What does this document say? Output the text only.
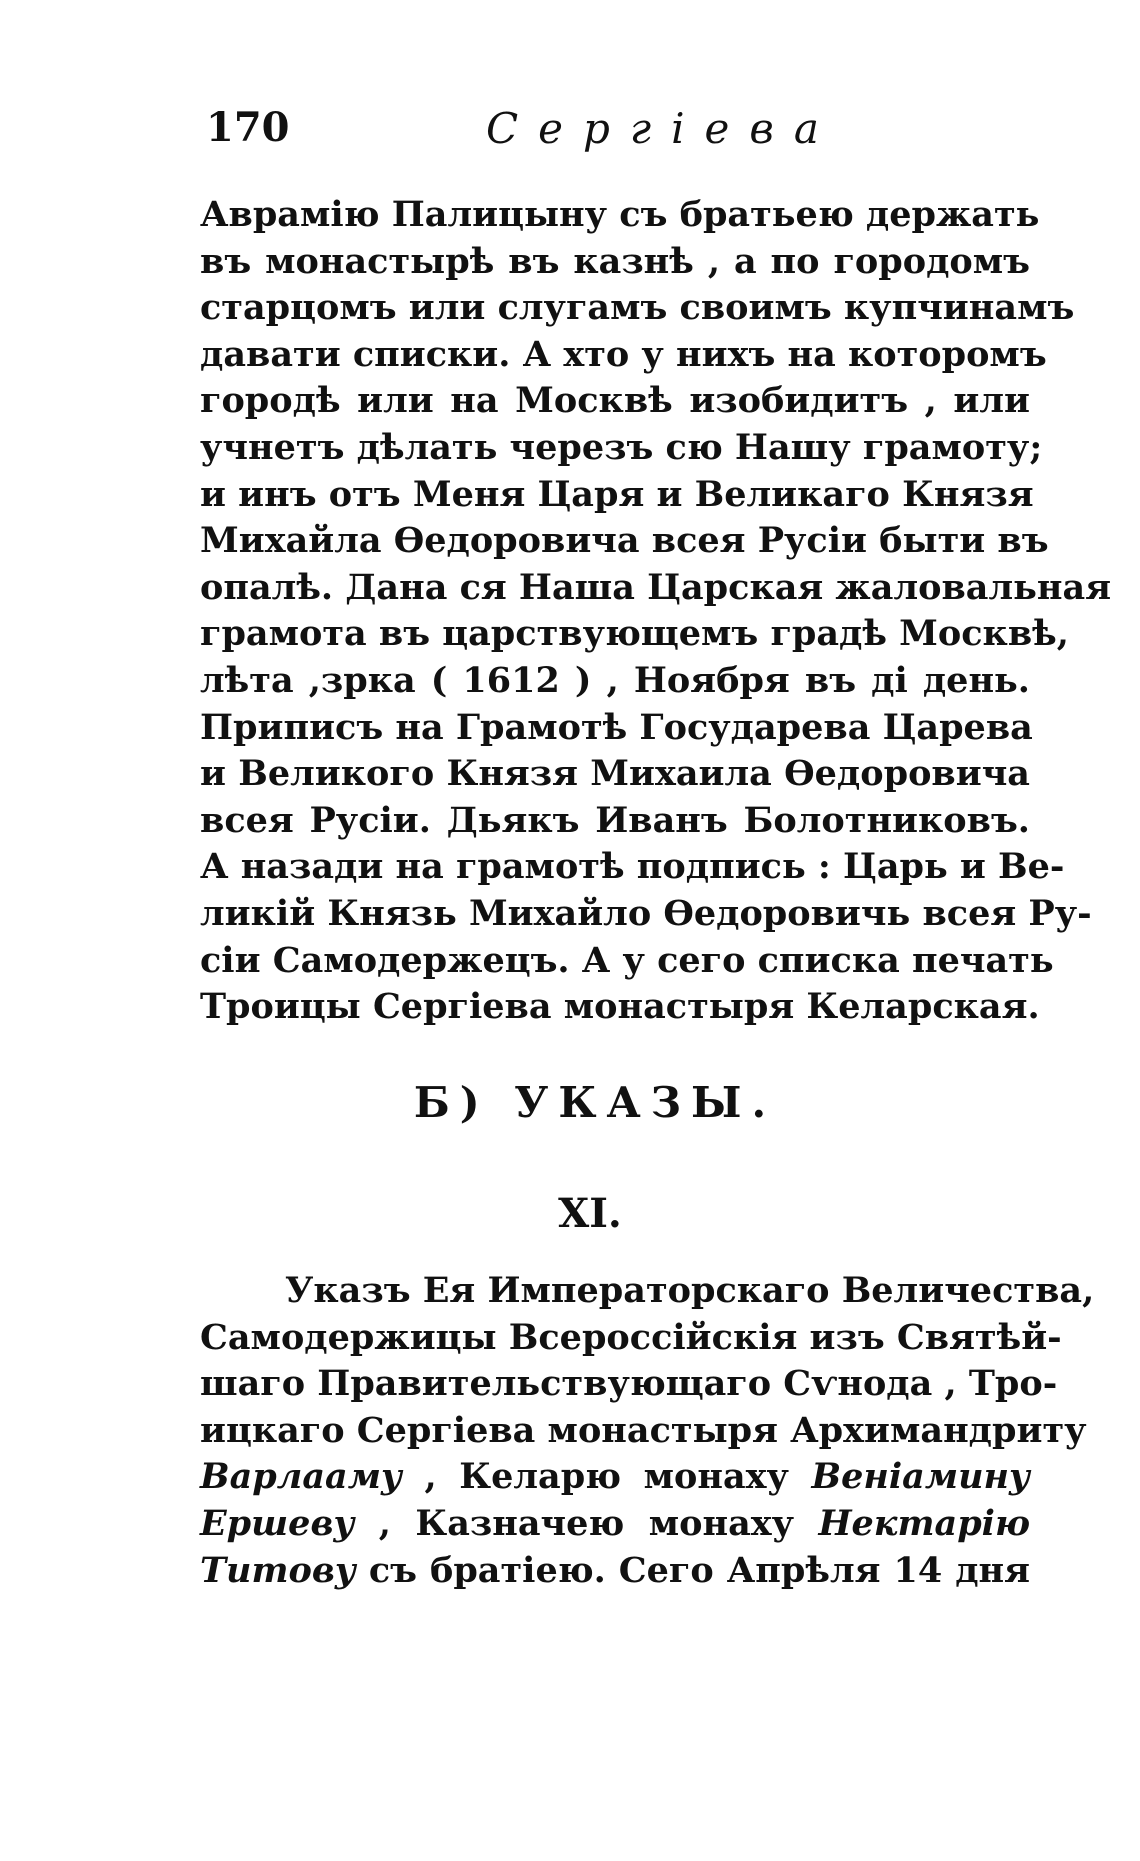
170	Сергіева
Аврамію Палицыну съ братьею держать
въ монастырѣ въ казнѣ , а по городомъ
старцомъ или слугамъ своимъ купчинамъ
давати списки. А хто у нихъ на которомъ
городѣ или на Москвѣ изобидитъ , или
учнетъ дѣлать черезъ сю Нашу грамоту;
и инъ отъ Меня Царя и Великаго Князя
Михайла Ѳедоровича всея Русіи быти въ
опалѣ. Дана ся Наша Царская жаловальная
грамота въ царствующемъ градѣ Москвѣ,
лѣта ,зрка ( 1612 ) , Ноября въ ді день.
Приписъ на Грамотѣ Государева Царева
и Великого Князя Михаила Ѳедоровича
всея Русіи. Дьякъ Иванъ Болотниковъ.
А назади на грамотѣ подпись : Царь и Ве-
ликій Князь Михайло Ѳедоровичь всея Ру-
сіи Самодержецъ. А у сего списка печать
Троицы Сергіева монастыря Келарская.
Б) УКАЗЫ.
XI.
Указъ Ея Императорскаго Величества,
Самодержицы Всероссійскія изъ Святѣй-
шаго Правительствующаго Сѵнода , Тро-
ицкаго Сергіева монастыря Архимандриту
Варлааму , Келарю монаху Веніамину
Ершеву , Казначею монаху Нектарію
Титову съ братіею. Сего Апрѣля 14 дня
